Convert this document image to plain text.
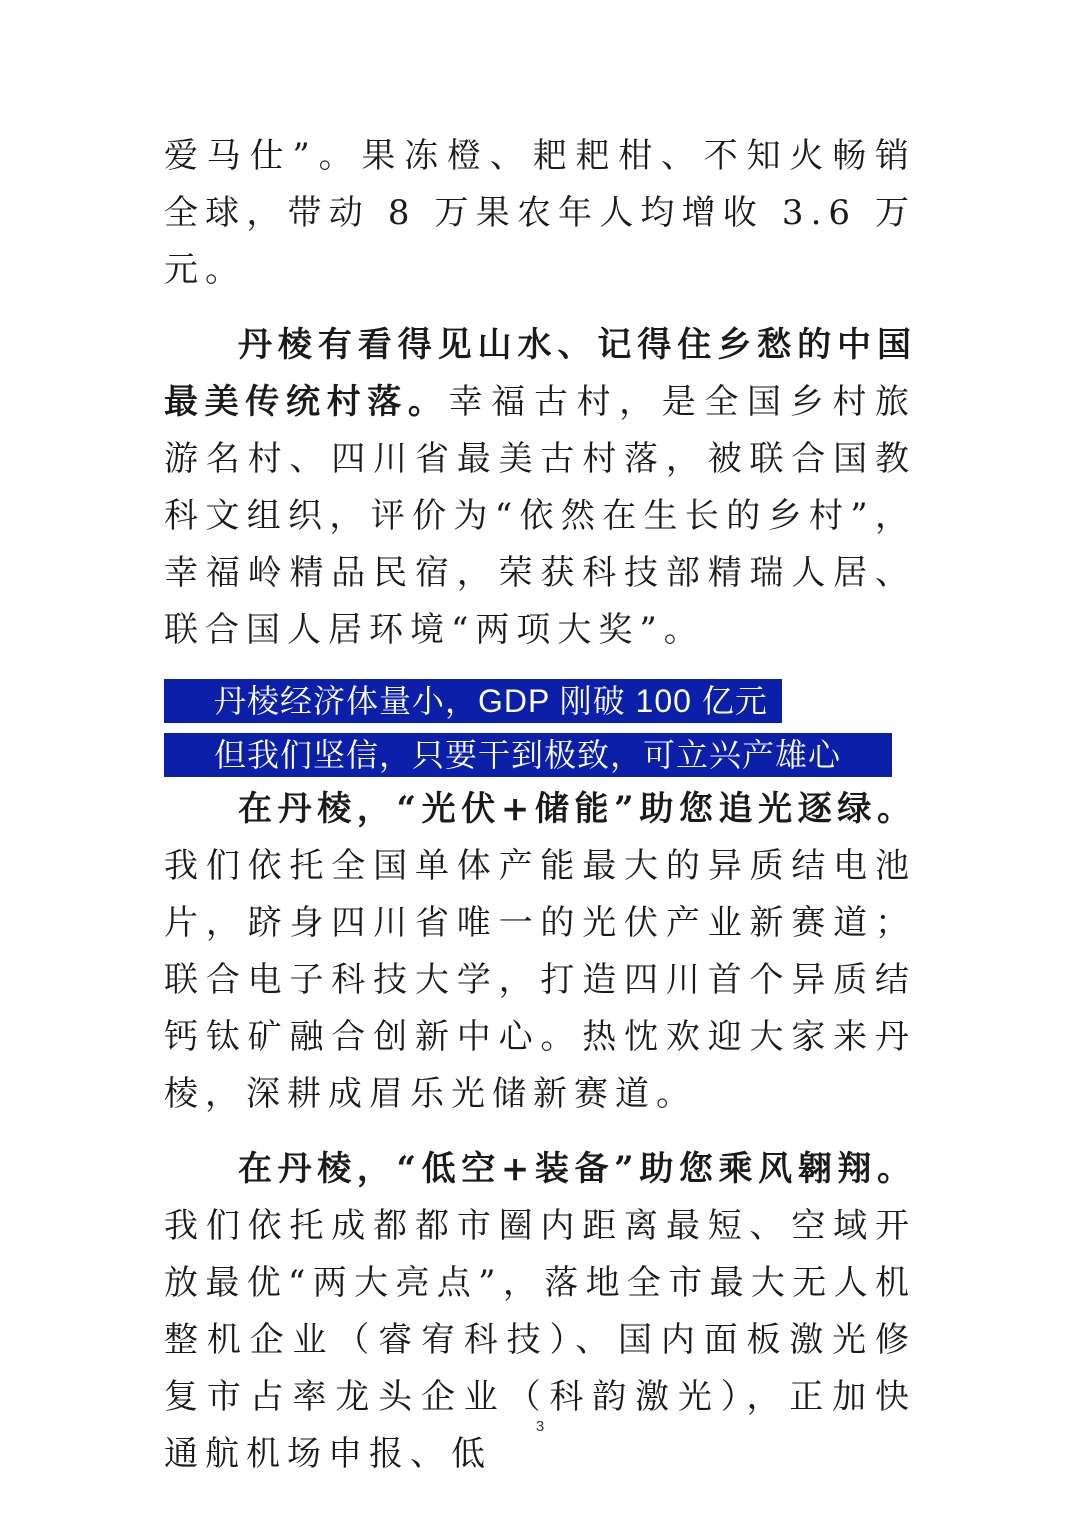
爱马仕”。果冻橙、耙耙柑、不知火畅销全球，带动 8 万果农年人均增收 3.6 万元。

丹棱有看得见山水、记得住乡愁的中国最美传统村落。幸福古村，是全国乡村旅游名村、四川省最美古村落，被联合国教科文组织，评价为“依然在生长的乡村”，幸福岭精品民宿，荣获科技部精瑞人居、联合国人居环境“两项大奖”。

丹棱经济体量小，GDP 刚破 100 亿元
但我们坚信，只要干到极致，可立兴产雄心

在丹棱，“光伏+储能”助您追光逐绿。我们依托全国单体产能最大的异质结电池片，跻身四川省唯一的光伏产业新赛道；联合电子科技大学，打造四川首个异质结钙钛矿融合创新中心。热忱欢迎大家来丹棱，深耕成眉乐光储新赛道。

在丹棱，“低空+装备”助您乘风翱翔。我们依托成都都市圈内距离最短、空域开放最优“两大亮点”，落地全市最大无人机整机企业（睿宥科技）、国内面板激光修复市占率龙头企业（科韵激光），正加快通航机场申报、低

3
